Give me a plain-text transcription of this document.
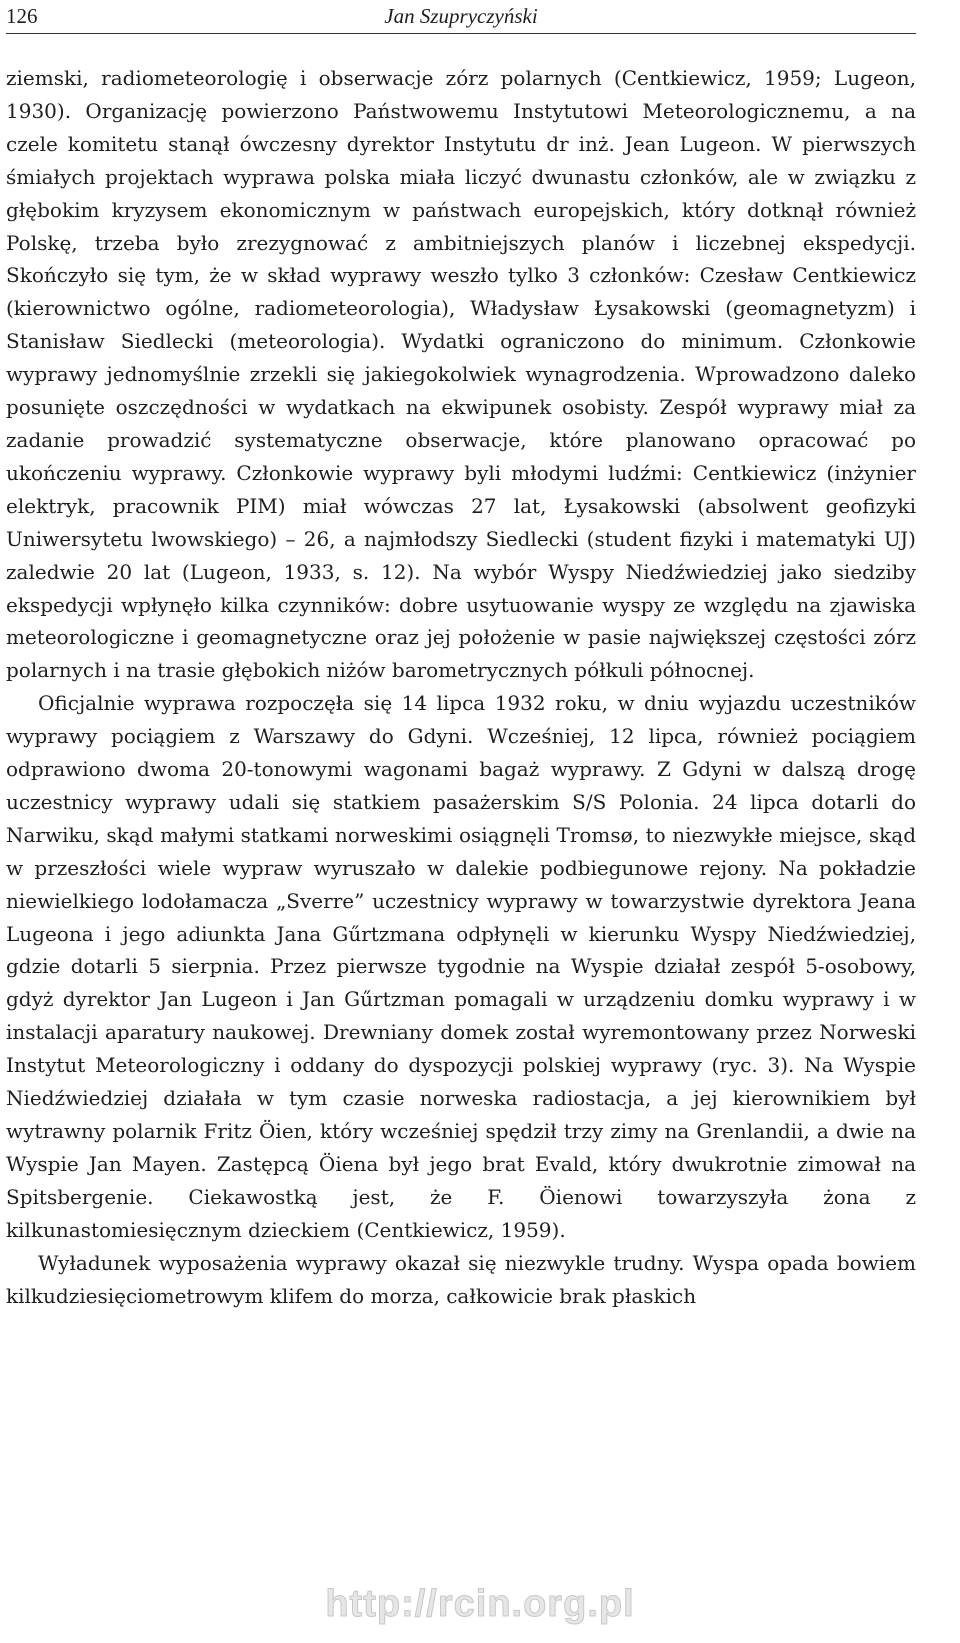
126	Jan Szupryczyński

ziemski, radiometeorologię i obserwacje zórz polarnych (Centkiewicz, 1959; Lugeon, 1930). Organizację powierzono Państwowemu Instytutowi Meteorologicznemu, a na czele komitetu stanął ówczesny dyrektor Instytutu dr inż. Jean Lugeon. W pierwszych śmiałych projektach wyprawa polska miała liczyć dwunastu członków, ale w związku z głębokim kryzysem ekonomicznym w państwach europejskich, który dotknął również Polskę, trzeba było zrezygnować z ambitniejszych planów i liczebnej ekspedycji. Skończyło się tym, że w skład wyprawy weszło tylko 3 członków: Czesław Centkiewicz (kierownictwo ogólne, radiometeorologia), Władysław Łysakowski (geomagnetyzm) i Stanisław Siedlecki (meteorologia). Wydatki ograniczono do minimum. Członkowie wyprawy jednomyślnie zrzekli się jakiegokolwiek wynagrodzenia. Wprowadzono daleko posunięte oszczędności w wydatkach na ekwipunek osobisty. Zespół wyprawy miał za zadanie prowadzić systematyczne obserwacje, które planowano opracować po ukończeniu wyprawy. Członkowie wyprawy byli młodymi ludźmi: Centkiewicz (inżynier elektryk, pracownik PIM) miał wówczas 27 lat, Łysakowski (absolwent geofizyki Uniwersytetu lwowskiego) – 26, a najmłodszy Siedlecki (student fizyki i matematyki UJ) zaledwie 20 lat (Lugeon, 1933, s. 12). Na wybór Wyspy Niedźwiedziej jako siedziby ekspedycji wpłynęło kilka czynników: dobre usytuowanie wyspy ze względu na zjawiska meteorologiczne i geomagnetyczne oraz jej położenie w pasie największej częstości zórz polarnych i na trasie głębokich niżów barometrycznych półkuli północnej.

Oficjalnie wyprawa rozpoczęła się 14 lipca 1932 roku, w dniu wyjazdu uczestników wyprawy pociągiem z Warszawy do Gdyni. Wcześniej, 12 lipca, również pociągiem odprawiono dwoma 20-tonowymi wagonami bagaż wyprawy. Z Gdyni w dalszą drogę uczestnicy wyprawy udali się statkiem pasażerskim S/S Polonia. 24 lipca dotarli do Narwiku, skąd małymi statkami norweskimi osiągnęli Tromsø, to niezwykłe miejsce, skąd w przeszłości wiele wypraw wyruszało w dalekie podbiegunowe rejony. Na pokładzie niewielkiego lodołamacza „Sverre” uczestnicy wyprawy w towarzystwie dyrektora Jeana Lugeona i jego adiunkta Jana Gűrtzmana odpłynęli w kierunku Wyspy Niedźwiedziej, gdzie dotarli 5 sierpnia. Przez pierwsze tygodnie na Wyspie działał zespół 5-osobowy, gdyż dyrektor Jan Lugeon i Jan Gűrtzman pomagali w urządzeniu domku wyprawy i w instalacji aparatury naukowej. Drewniany domek został wyremontowany przez Norweski Instytut Meteorologiczny i oddany do dyspozycji polskiej wyprawy (ryc. 3). Na Wyspie Niedźwiedziej działała w tym czasie norweska radiostacja, a jej kierownikiem był wytrawny polarnik Fritz Öien, który wcześniej spędził trzy zimy na Grenlandii, a dwie na Wyspie Jan Mayen. Zastępcą Öiena był jego brat Evald, który dwukrotnie zimował na Spitsbergenie. Ciekawostką jest, że F. Öienowi towarzyszyła żona z kilkunastomiesięcznym dzieckiem (Centkiewicz, 1959).

Wyładunek wyposażenia wyprawy okazał się niezwykle trudny. Wyspa opada bowiem kilkudziesięciometrowym klifem do morza, całkowicie brak płaskich

http://rcin.org.pl
